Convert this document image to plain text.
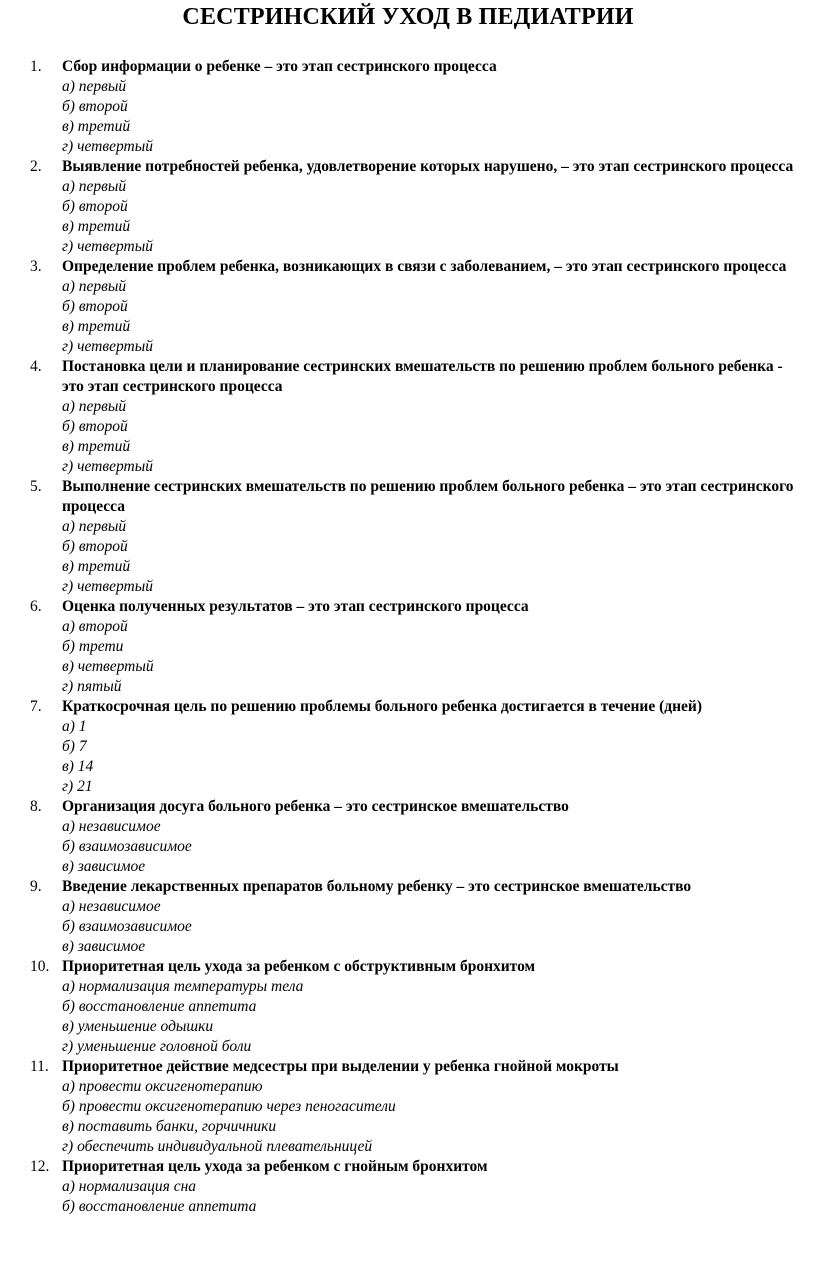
СЕСТРИНСКИЙ УХОД В ПЕДИАТРИИ
1. Сбор информации о ребенке – это этап сестринского процесса
а) первый
б) второй
в) третий
г) четвертый
2. Выявление потребностей ребенка, удовлетворение которых нарушено, – это этап сестринского процесса
а) первый
б) второй
в) третий
г) четвертый
3. Определение проблем ребенка, возникающих в связи с заболеванием, – это этап сестринского процесса
а) первый
б) второй
в) третий
г) четвертый
4. Постановка цели и планирование сестринских вмешательств по решению проблем больного ребенка - это этап сестринского процесса
а) первый
б) второй
в) третий
г) четвертый
5. Выполнение сестринских вмешательств по решению проблем больного ребенка – это этап сестринского процесса
а) первый
б) второй
в) третий
г) четвертый
6. Оценка полученных результатов – это этап сестринского процесса
а) второй
б) трети
в) четвертый
г) пятый
7. Краткосрочная цель по решению проблемы больного ребенка достигается в течение (дней)
а) 1
б) 7
в) 14
г) 21
8. Организация досуга больного ребенка – это сестринское вмешательство
а) независимое
б) взаимозависимое
в) зависимое
9. Введение лекарственных препаратов больному ребенку – это сестринское вмешательство
а) независимое
б) взаимозависимое
в) зависимое
10. Приоритетная цель ухода за ребенком с обструктивным бронхитом
а) нормализация температуры тела
б) восстановление аппетита
в) уменьшение одышки
г) уменьшение головной боли
11. Приоритетное действие медсестры при выделении у ребенка гнойной мокроты
а) провести оксигенотерапию
б) провести оксигенотерапию через пеногасители
в) поставить банки, горчичники
г) обеспечить индивидуальной плевательницей
12. Приоритетная цель ухода за ребенком с гнойным бронхитом
а) нормализация сна
б) восстановление аппетита
